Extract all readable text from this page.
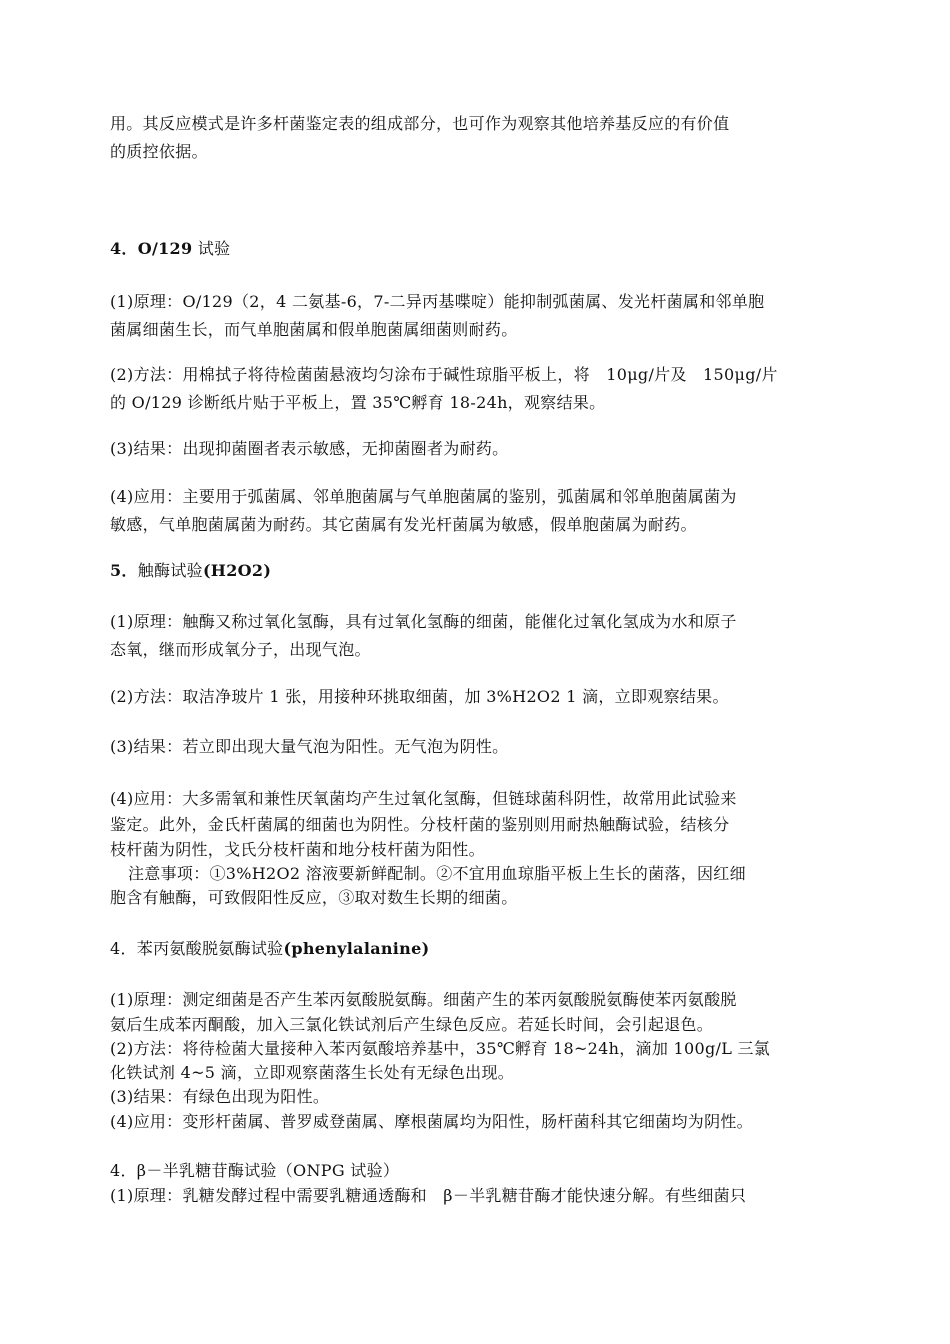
用。其反应模式是许多杆菌鉴定表的组成部分，也可作为观察其他培养基反应的有价值
的质控依据。
4．O/129 试验
(1)原理：O/129（2，4 二氨基-6，7-二异丙基喋啶）能抑制弧菌属、发光杆菌属和邻单胞
菌属细菌生长，而气单胞菌属和假单胞菌属细菌则耐药。
(2)方法：用棉拭子将待检菌菌悬液均匀涂布于碱性琼脂平板上，将　10μg/片及　150μg/片
的 O/129 诊断纸片贴于平板上，置 35℃孵育 18-24h，观察结果。
(3)结果：出现抑菌圈者表示敏感，无抑菌圈者为耐药。
(4)应用：主要用于弧菌属、邻单胞菌属与气单胞菌属的鉴别，弧菌属和邻单胞菌属菌为
敏感，气单胞菌属菌为耐药。其它菌属有发光杆菌属为敏感，假单胞菌属为耐药。
5．触酶试验(H2O2)
(1)原理：触酶又称过氧化氢酶，具有过氧化氢酶的细菌，能催化过氧化氢成为水和原子
态氧，继而形成氧分子，出现气泡。
(2)方法：取洁净玻片 1 张，用接种环挑取细菌，加 3%H2O2 1 滴，立即观察结果。
(3)结果：若立即出现大量气泡为阳性。无气泡为阴性。
(4)应用：大多需氧和兼性厌氧菌均产生过氧化氢酶，但链球菌科阴性，故常用此试验来
鉴定。此外，金氏杆菌属的细菌也为阴性。分枝杆菌的鉴别则用耐热触酶试验，结核分
枝杆菌为阴性，戈氏分枝杆菌和地分枝杆菌为阳性。
注意事项：①3%H2O2 溶液要新鲜配制。②不宜用血琼脂平板上生长的菌落，因红细
胞含有触酶，可致假阳性反应，③取对数生长期的细菌。
4．苯丙氨酸脱氨酶试验(phenylalanine)
(1)原理：测定细菌是否产生苯丙氨酸脱氨酶。细菌产生的苯丙氨酸脱氨酶使苯丙氨酸脱
氨后生成苯丙酮酸，加入三氯化铁试剂后产生绿色反应。若延长时间，会引起退色。
(2)方法：将待检菌大量接种入苯丙氨酸培养基中，35℃孵育 18~24h，滴加 100g/L 三氯
化铁试剂 4~5 滴，立即观察菌落生长处有无绿色出现。
(3)结果：有绿色出现为阳性。
(4)应用：变形杆菌属、普罗威登菌属、摩根菌属均为阳性，肠杆菌科其它细菌均为阴性。
4．β－半乳糖苷酶试验（ONPG 试验）
(1)原理：乳糖发酵过程中需要乳糖通透酶和　β－半乳糖苷酶才能快速分解。有些细菌只
